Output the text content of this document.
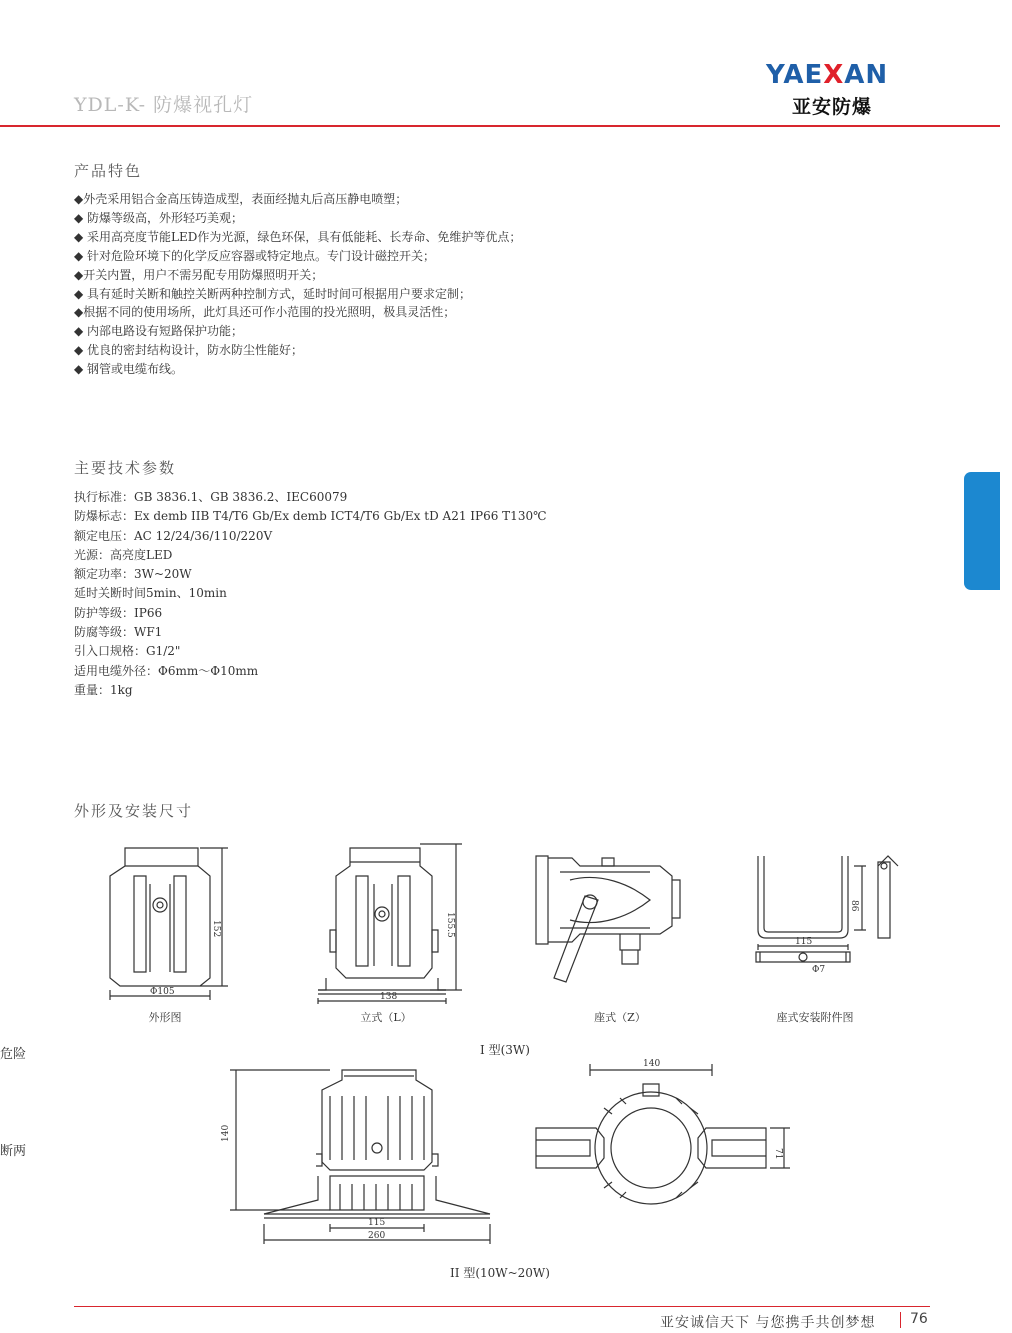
YDL-K- 防爆视孔灯
YAEXAN
亚安防爆
产品特色
◆外壳采用铝合金高压铸造成型，表面经抛丸后高压静电喷塑；
◆ 防爆等级高，外形轻巧美观；
◆ 采用高亮度节能LED作为光源，绿色环保，具有低能耗、长寿命、免维护等优点；
◆ 针对危险环境下的化学反应容器或特定地点。专门设计磁控开关；
◆开关内置，用户不需另配专用防爆照明开关；
◆ 具有延时关断和触控关断两种控制方式，延时时间可根据用户要求定制；
◆根据不同的使用场所，此灯具还可作小范围的投光照明，极具灵活性；
◆ 内部电路设有短路保护功能；
◆ 优良的密封结构设计，防水防尘性能好；
◆ 钢管或电缆布线。
主要技术参数
执行标准：GB 3836.1、GB 3836.2、IEC60079
防爆标志：Ex demb IIB T4/T6 Gb/Ex demb ICT4/T6 Gb/Ex tD A21 IP66 T130℃
额定电压：AC 12/24/36/110/220V
光源：高亮度LED
额定功率：3W~20W
延时关断时间5min、10min
防护等级：IP66
防腐等级：WF1
引入口规格：G1/2"
适用电缆外径：Φ6mm～Φ10mm
重量：1kg
厂用防爆类
危险
断两
外形及安装尺寸
Φ105
152
138
155.5
115
86
Φ7
140
115
260
140
71
外形图	立式（L）	座式（Z）	座式安装附件图
I 型(3W)
II 型(10W~20W)
亚安诚信天下 与您携手共创梦想 76
